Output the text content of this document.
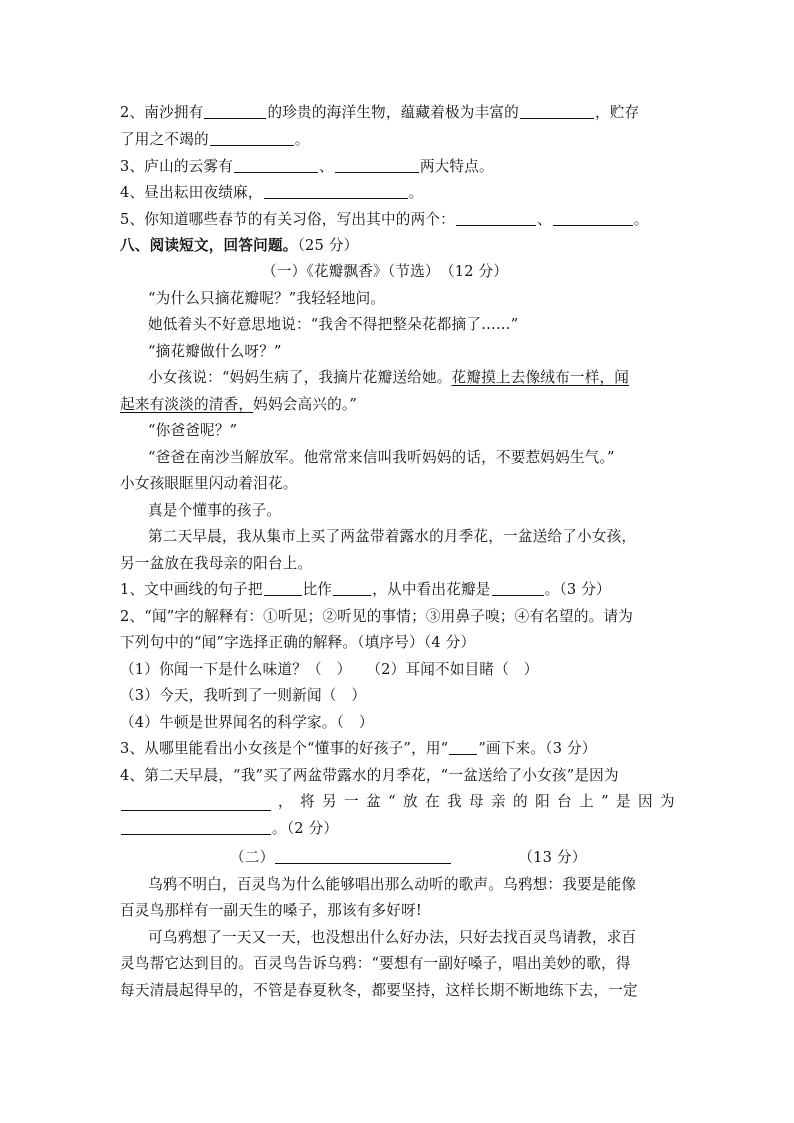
2、南沙拥有	的珍贵的海洋生物，蕴藏着极为丰富的	，贮存
了用之不竭的	。
3、庐山的云雾有	、	两大特点。
4、昼出耘田夜绩麻，	。
5、你知道哪些春节的有关习俗，写出其中的两个：	、	。
八、阅读短文，回答问题。（25 分）
（一）《花瓣飘香》（节选）　（12 分）
“为什么只摘花瓣呢？”我轻轻地问。
她低着头不好意思地说：“我舍不得把整朵花都摘了……”
“摘花瓣做什么呀？”
小女孩说：“妈妈生病了，我摘片花瓣送给她。花瓣摸上去像绒布一样，闻
起来有淡淡的清香，妈妈会高兴的。”
“你爸爸呢？”
“爸爸在南沙当解放军。他常常来信叫我听妈妈的话，不要惹妈妈生气。”
小女孩眼眶里闪动着泪花。
真是个懂事的孩子。
第二天早晨，我从集市上买了两盆带着露水的月季花，一盆送给了小女孩，
另一盆放在我母亲的阳台上。
1、文中画线的句子把	比作	，从中看出花瓣是	。（3 分）
2、“闻”字的解释有：①听见；②听见的事情；③用鼻子嗅；④有名望的。请为
下列句中的“闻”字选择正确的解释。（填序号）（4 分）
（1）你闻一下是什么味道？（　）　　（2）耳闻不如目睹（　）
（3）今天，我听到了一则新闻（　）
（4）牛顿是世界闻名的科学家。（　）
3、从哪里能看出小女孩是个“懂事的好孩子”，用“ ”画下来。（3 分）
4、第二天早晨，“我”买了两盆带露水的月季花，“一盆送给了小女孩”是因为
， 将 另 一 盆 “ 放 在 我 母 亲 的 阳 台 上 ” 是 因 为
。（2 分）
（二）	（13 分）
乌鸦不明白，百灵鸟为什么能够唱出那么动听的歌声。乌鸦想：我要是能像
百灵鸟那样有一副天生的嗓子，那该有多好呀!
可乌鸦想了一天又一天，也没想出什么好办法，只好去找百灵鸟请教，求百
灵鸟帮它达到目的。百灵鸟告诉乌鸦：“要想有一副好嗓子，唱出美妙的歌，得
每天清晨起得早的，不管是春夏秋冬，都要坚持，这样长期不断地练下去，一定
